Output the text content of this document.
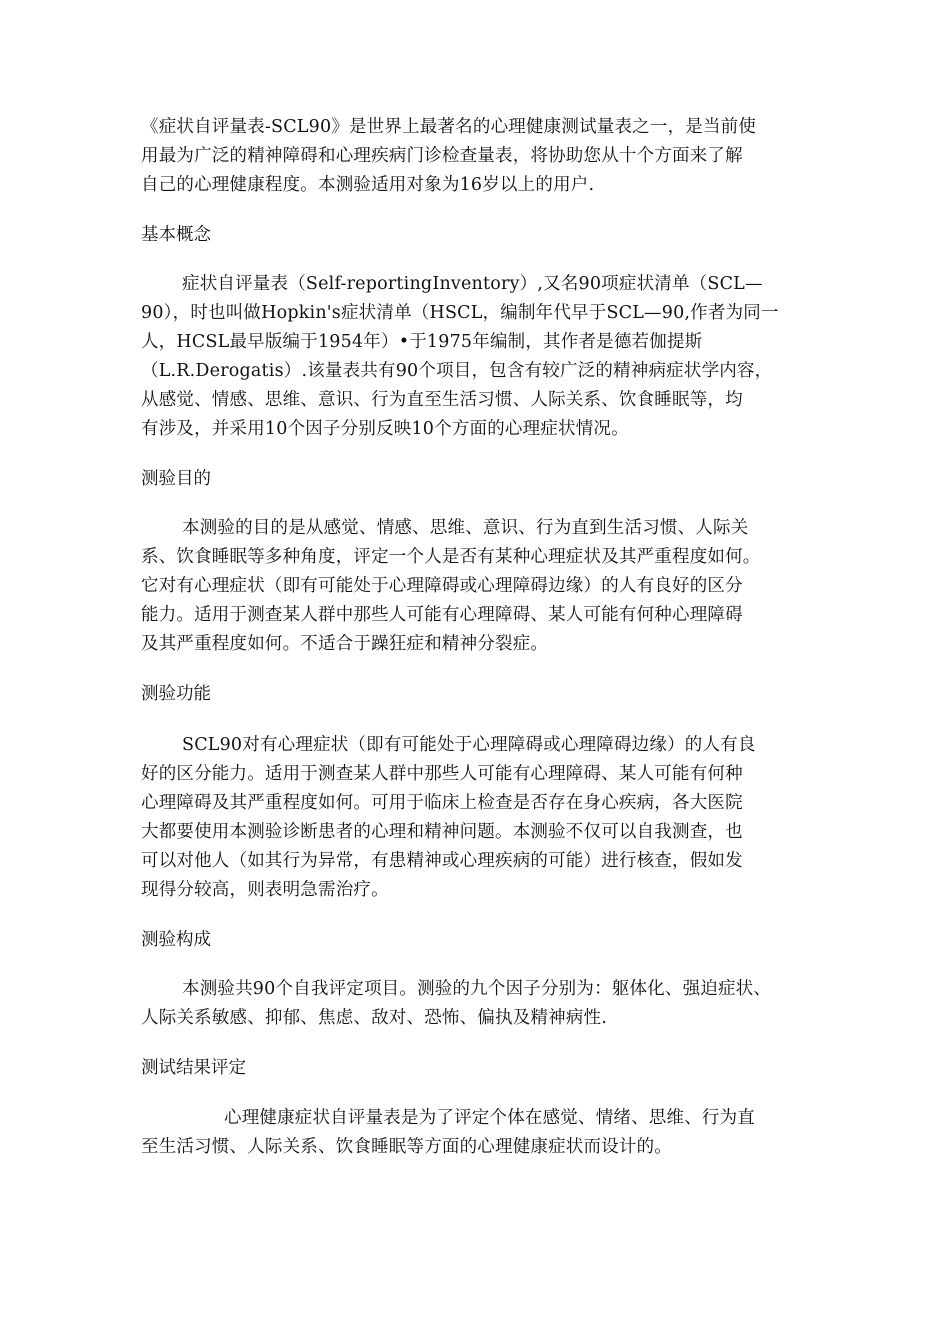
《症状自评量表-SCL90》是世界上最著名的心理健康测试量表之一，是当前使
用最为广泛的精神障碍和心理疾病门诊检查量表，将协助您从十个方面来了解
自己的心理健康程度。本测验适用对象为16岁以上的用户.
基本概念
症状自评量表（Self-reportingInventory）,又名90项症状清单（SCL—
90），时也叫做Hopkin's症状清单（HSCL，编制年代早于SCL—90,作者为同一
人，HCSL最早版编于1954年）•于1975年编制，其作者是德若伽提斯
（L.R.Derogatis）.该量表共有90个项目，包含有较广泛的精神病症状学内容，
从感觉、情感、思维、意识、行为直至生活习惯、人际关系、饮食睡眠等，均
有涉及，并采用10个因子分别反映10个方面的心理症状情况。
测验目的
本测验的目的是从感觉、情感、思维、意识、行为直到生活习惯、人际关
系、饮食睡眠等多种角度，评定一个人是否有某种心理症状及其严重程度如何。
它对有心理症状（即有可能处于心理障碍或心理障碍边缘）的人有良好的区分
能力。适用于测查某人群中那些人可能有心理障碍、某人可能有何种心理障碍
及其严重程度如何。不适合于躁狂症和精神分裂症。
测验功能
SCL90对有心理症状（即有可能处于心理障碍或心理障碍边缘）的人有良
好的区分能力。适用于测查某人群中那些人可能有心理障碍、某人可能有何种
心理障碍及其严重程度如何。可用于临床上检查是否存在身心疾病，各大医院
大都要使用本测验诊断患者的心理和精神问题。本测验不仅可以自我测查，也
可以对他人（如其行为异常，有患精神或心理疾病的可能）进行核查，假如发
现得分较高，则表明急需治疗。
测验构成
本测验共90个自我评定项目。测验的九个因子分别为：躯体化、强迫症状、
人际关系敏感、抑郁、焦虑、敌对、恐怖、偏执及精神病性.
测试结果评定
心理健康症状自评量表是为了评定个体在感觉、情绪、思维、行为直
至生活习惯、人际关系、饮食睡眠等方面的心理健康症状而设计的。
